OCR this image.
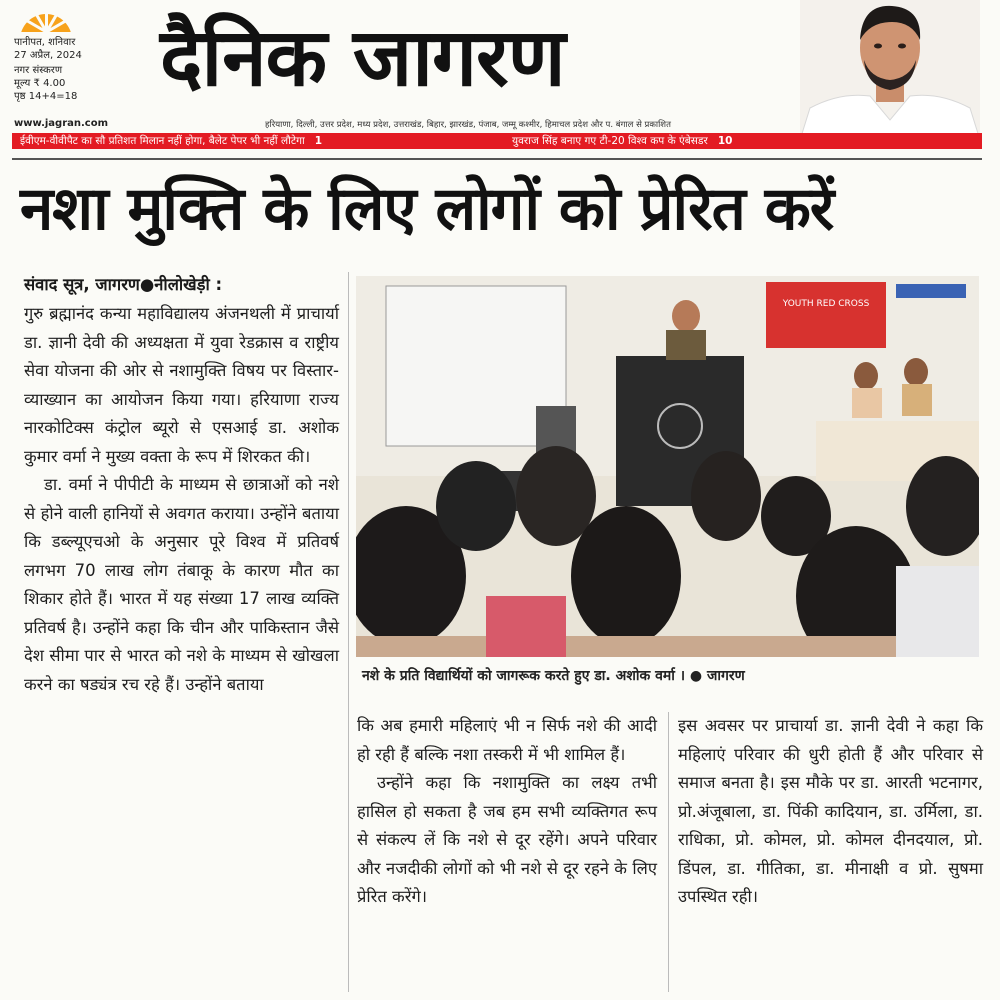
पानीपत, शनिवार
27 अप्रैल, 2024
नगर संस्करण
मूल्य ₹ 4.00
पृष्ठ 14+4=18 दैनिक जागरण
www.jagran.com	हरियाणा, दिल्ली, उत्तर प्रदेश, मध्य प्रदेश, उत्तराखंड, बिहार, झारखंड, पंजाब, जम्मू कश्मीर, हिमाचल प्रदेश और प. बंगाल से प्रकाशित
ईवीएम-वीवीपैट का सौ प्रतिशत मिलान नहीं होगा, बैलेट पेपर भी नहीं लौटेगा 1	युवराज सिंह बनाए गए टी-20 विश्व कप के एंबेसडर 10
नशा मुक्ति के लिए लोगों को प्रेरित करें
संवाद सूत्र, जागरण●नीलोखेड़ी :

गुरु ब्रह्मानंद कन्या महाविद्यालय अंजनथली में प्राचार्या डा. ज्ञानी देवी की अध्यक्षता में युवा रेडक्रास व राष्ट्रीय सेवा योजना की ओर से नशामुक्ति विषय पर विस्तार-व्याख्यान का आयोजन किया गया। हरियाणा राज्य नारकोटिक्स कंट्रोल ब्यूरो से एसआई डा. अशोक कुमार वर्मा ने मुख्य वक्ता के रूप में शिरकत की।

डा. वर्मा ने पीपीटी के माध्यम से छात्राओं को नशे से होने वाली हानियों से अवगत कराया। उन्होंने बताया कि डब्ल्यूएचओ के अनुसार पूरे विश्व में प्रतिवर्ष लगभग 70 लाख लोग तंबाकू के कारण मौत का शिकार होते हैं। भारत में यह संख्या 17 लाख व्यक्ति प्रतिवर्ष है। उन्होंने कहा कि चीन और पाकिस्तान जैसे देश सीमा पार से भारत को नशे के माध्यम से खोखला करने का षड्यंत्र रच रहे हैं। उन्होंने बताया

YOUTH RED CROSS
नशे के प्रति विद्यार्थियों को जागरूक करते हुए डा. अशोक वर्मा । ● जागरण

कि अब हमारी महिलाएं भी न सिर्फ नशे की आदी हो रही हैं बल्कि नशा तस्करी में भी शामिल हैं।

उन्होंने कहा कि नशामुक्ति का लक्ष्य तभी हासिल हो सकता है जब हम सभी व्यक्तिगत रूप से संकल्प लें कि नशे से दूर रहेंगे। अपने परिवार और नजदीकी लोगों को भी नशे से दूर रहने के लिए प्रेरित करेंगे।

इस अवसर पर प्राचार्या डा. ज्ञानी देवी ने कहा कि महिलाएं परिवार की धुरी होती हैं और परिवार से समाज बनता है। इस मौके पर डा. आरती भटनागर, प्रो.अंजूबाला, डा. पिंकी कादियान, डा. उर्मिला, डा. राधिका, प्रो. कोमल, प्रो. कोमल दीनदयाल, प्रो. डिंपल, डा. गीतिका, डा. मीनाक्षी व प्रो. सुषमा उपस्थित रही।
